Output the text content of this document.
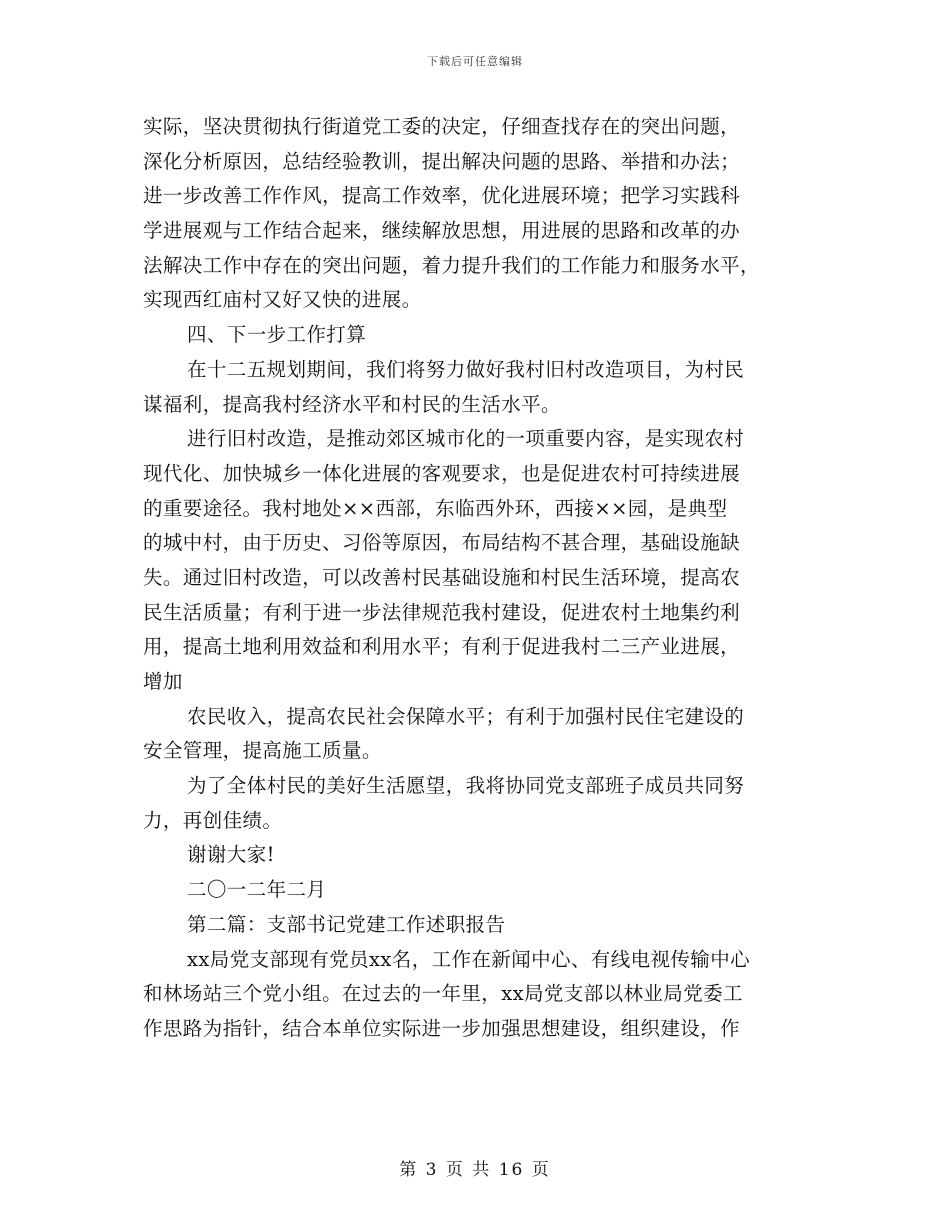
下载后可任意编辑
实际，坚决贯彻执行街道党工委的决定，仔细查找存在的突出问题，
深化分析原因，总结经验教训，提出解决问题的思路、举措和办法；
进一步改善工作作风，提高工作效率，优化进展环境；把学习实践科
学进展观与工作结合起来，继续解放思想，用进展的思路和改革的办
法解决工作中存在的突出问题，着力提升我们的工作能力和服务水平，
实现西红庙村又好又快的进展。
四、下一步工作打算
在十二五规划期间，我们将努力做好我村旧村改造项目，为村民
谋福利，提高我村经济水平和村民的生活水平。
进行旧村改造，是推动郊区城市化的一项重要内容，是实现农村
现代化、加快城乡一体化进展的客观要求，也是促进农村可持续进展
的重要途径。我村地处××西部，东临西外环，西接××园，是典型
的城中村，由于历史、习俗等原因，布局结构不甚合理，基础设施缺
失。通过旧村改造，可以改善村民基础设施和村民生活环境，提高农
民生活质量；有利于进一步法律规范我村建设，促进农村土地集约利
用，提高土地利用效益和利用水平；有利于促进我村二三产业进展，
增加
农民收入，提高农民社会保障水平；有利于加强村民住宅建设的
安全管理，提高施工质量。
为了全体村民的美好生活愿望，我将协同党支部班子成员共同努
力，再创佳绩。
谢谢大家!
二〇一二年二月
第二篇：支部书记党建工作述职报告
xx局党支部现有党员xx名，工作在新闻中心、有线电视传输中心
和林场站三个党小组。在过去的一年里，xx局党支部以林业局党委工
作思路为指针，结合本单位实际进一步加强思想建设，组织建设，作
第 3 页 共 16 页
